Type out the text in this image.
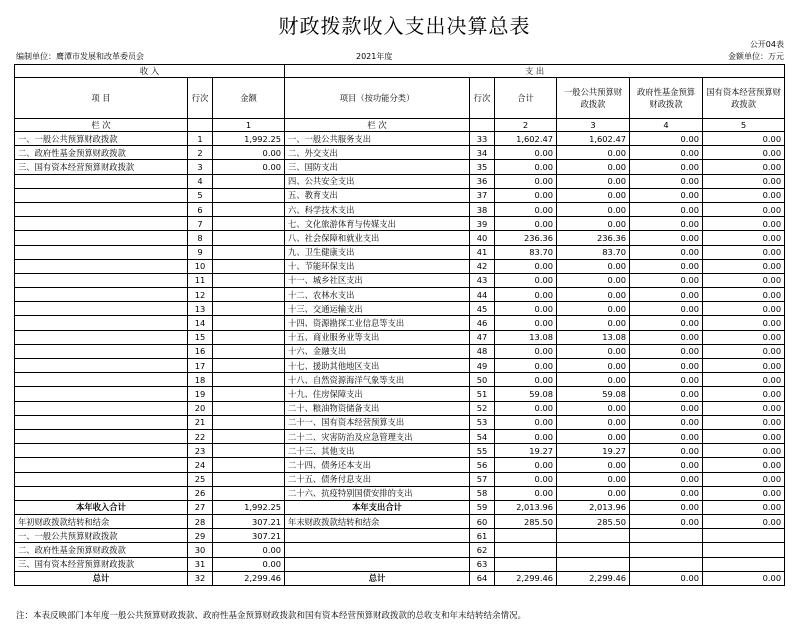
财政拨款收入支出决算总表
公开04表
编制单位：鹰潭市发展和改革委员会	2021年度	金额单位：万元
收 入			支 出					
项 目	行次	金额	项目（按功能分类）	行次	合计	一般公共预算财政拨款	政府性基金预算财政拨款	国有资本经营预算财政拨款
栏 次		1	栏 次		2	3	4	5
一、一般公共预算财政拨款	1	1,992.25	一、一般公共服务支出	33	1,602.47	1,602.47	0.00	0.00
二、政府性基金预算财政拨款	2	0.00	二、外交支出	34	0.00	0.00	0.00	0.00
三、国有资本经营预算财政拨款	3	0.00	三、国防支出	35	0.00	0.00	0.00	0.00
	4		四、公共安全支出	36	0.00	0.00	0.00	0.00
	5		五、教育支出	37	0.00	0.00	0.00	0.00
	6		六、科学技术支出	38	0.00	0.00	0.00	0.00
	7		七、文化旅游体育与传媒支出	39	0.00	0.00	0.00	0.00
	8		八、社会保障和就业支出	40	236.36	236.36	0.00	0.00
	9		九、卫生健康支出	41	83.70	83.70	0.00	0.00
	10		十、节能环保支出	42	0.00	0.00	0.00	0.00
	11		十一、城乡社区支出	43	0.00	0.00	0.00	0.00
	12		十二、农林水支出	44	0.00	0.00	0.00	0.00
	13		十三、交通运输支出	45	0.00	0.00	0.00	0.00
	14		十四、资源勘探工业信息等支出	46	0.00	0.00	0.00	0.00
	15		十五、商业服务业等支出	47	13.08	13.08	0.00	0.00
	16		十六、金融支出	48	0.00	0.00	0.00	0.00
	17		十七、援助其他地区支出	49	0.00	0.00	0.00	0.00
	18		十八、自然资源海洋气象等支出	50	0.00	0.00	0.00	0.00
	19		十九、住房保障支出	51	59.08	59.08	0.00	0.00
	20		二十、粮油物资储备支出	52	0.00	0.00	0.00	0.00
	21		二十一、国有资本经营预算支出	53	0.00	0.00	0.00	0.00
	22		二十二、灾害防治及应急管理支出	54	0.00	0.00	0.00	0.00
	23		二十三、其他支出	55	19.27	19.27	0.00	0.00
	24		二十四、债务还本支出	56	0.00	0.00	0.00	0.00
	25		二十五、债务付息支出	57	0.00	0.00	0.00	0.00
	26		二十六、抗疫特别国债安排的支出	58	0.00	0.00	0.00	0.00
本年收入合计	27	1,992.25	本年支出合计	59	2,013.96	2,013.96	0.00	0.00
年初财政拨款结转和结余	28	307.21	年末财政拨款结转和结余	60	285.50	285.50	0.00	0.00
一、一般公共预算财政拨款	29	307.21		61				
二、政府性基金预算财政拨款	30	0.00		62				
三、国有资本经营预算财政拨款	31	0.00		63				
总计	32	2,299.46	总计	64	2,299.46	2,299.46	0.00	0.00
注：本表反映部门本年度一般公共预算财政拨款、政府性基金预算财政拨款和国有资本经营预算财政拨款的总收支和年末结转结余情况。
